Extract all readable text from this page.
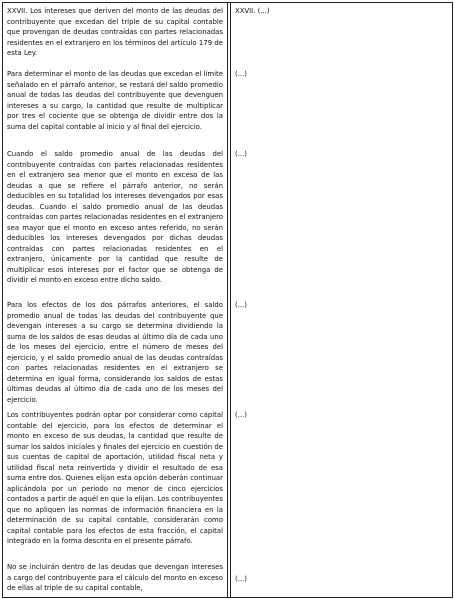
XXVII. Los intereses que deriven del monto de las deudas del contribuyente que excedan del triple de su capital contable que provengan de deudas contraídas con partes relacionadas residentes en el extranjero en los términos del artículo 179 de esta Ley.
XXVII. (...)
Para determinar el monto de las deudas que excedan el límite señalado en el párrafo anterior, se restará del saldo promedio anual de todas las deudas del contribuyente que devenguen intereses a su cargo, la cantidad que resulte de multiplicar por tres el cociente que se obtenga de dividir entre dos la suma del capital contable al inicio y al final del ejercicio.
(...)
Cuando el saldo promedio anual de las deudas del contribuyente contraídas con partes relacionadas residentes en el extranjero sea menor que el monto en exceso de las deudas a que se refiere el párrafo anterior, no serán deducibles en su totalidad los intereses devengados por esas deudas. Cuando el saldo promedio anual de las deudas contraídas con partes relacionadas residentes en el extranjero sea mayor que el monto en exceso antes referido, no serán deducibles los intereses devengados por dichas deudas contraídas con partes relacionadas residentes en el extranjero, únicamente por la cantidad que resulte de multiplicar esos intereses por el factor que se obtenga de dividir el monto en exceso entre dicho saldo.
(...)
Para los efectos de los dos párrafos anteriores, el saldo promedio anual de todas las deudas del contribuyente que devengan intereses a su cargo se determina dividiendo la suma de los saldos de esas deudas al último día de cada uno de los meses del ejercicio, entre el número de meses del ejercicio, y el saldo promedio anual de las deudas contraídas con partes relacionadas residentes en el extranjero se determina en igual forma, considerando los saldos de estas últimas deudas al último día de cada uno de los meses del ejercicio.
(...)
Los contribuyentes podrán optar por considerar como capital contable del ejercicio, para los efectos de determinar el monto en exceso de sus deudas, la cantidad que resulte de sumar los saldos iniciales y finales del ejercicio en cuestión de sus cuentas de capital de aportación, utilidad fiscal neta y utilidad fiscal neta reinvertida y dividir el resultado de esa suma entre dos. Quienes elijan esta opción deberán continuar aplicándola por un periodo no menor de cinco ejercicios contados a partir de aquél en que la elijan. Los contribuyentes que no apliquen las normas de información financiera en la determinación de su capital contable, considerarán como capital contable para los efectos de esta fracción, el capital integrado en la forma descrita en el presente párrafo.
(...)
No se incluirán dentro de las deudas que devengan intereses a cargo del contribuyente para el cálculo del monto en exceso de ellas al triple de su capital contable,
(...)
